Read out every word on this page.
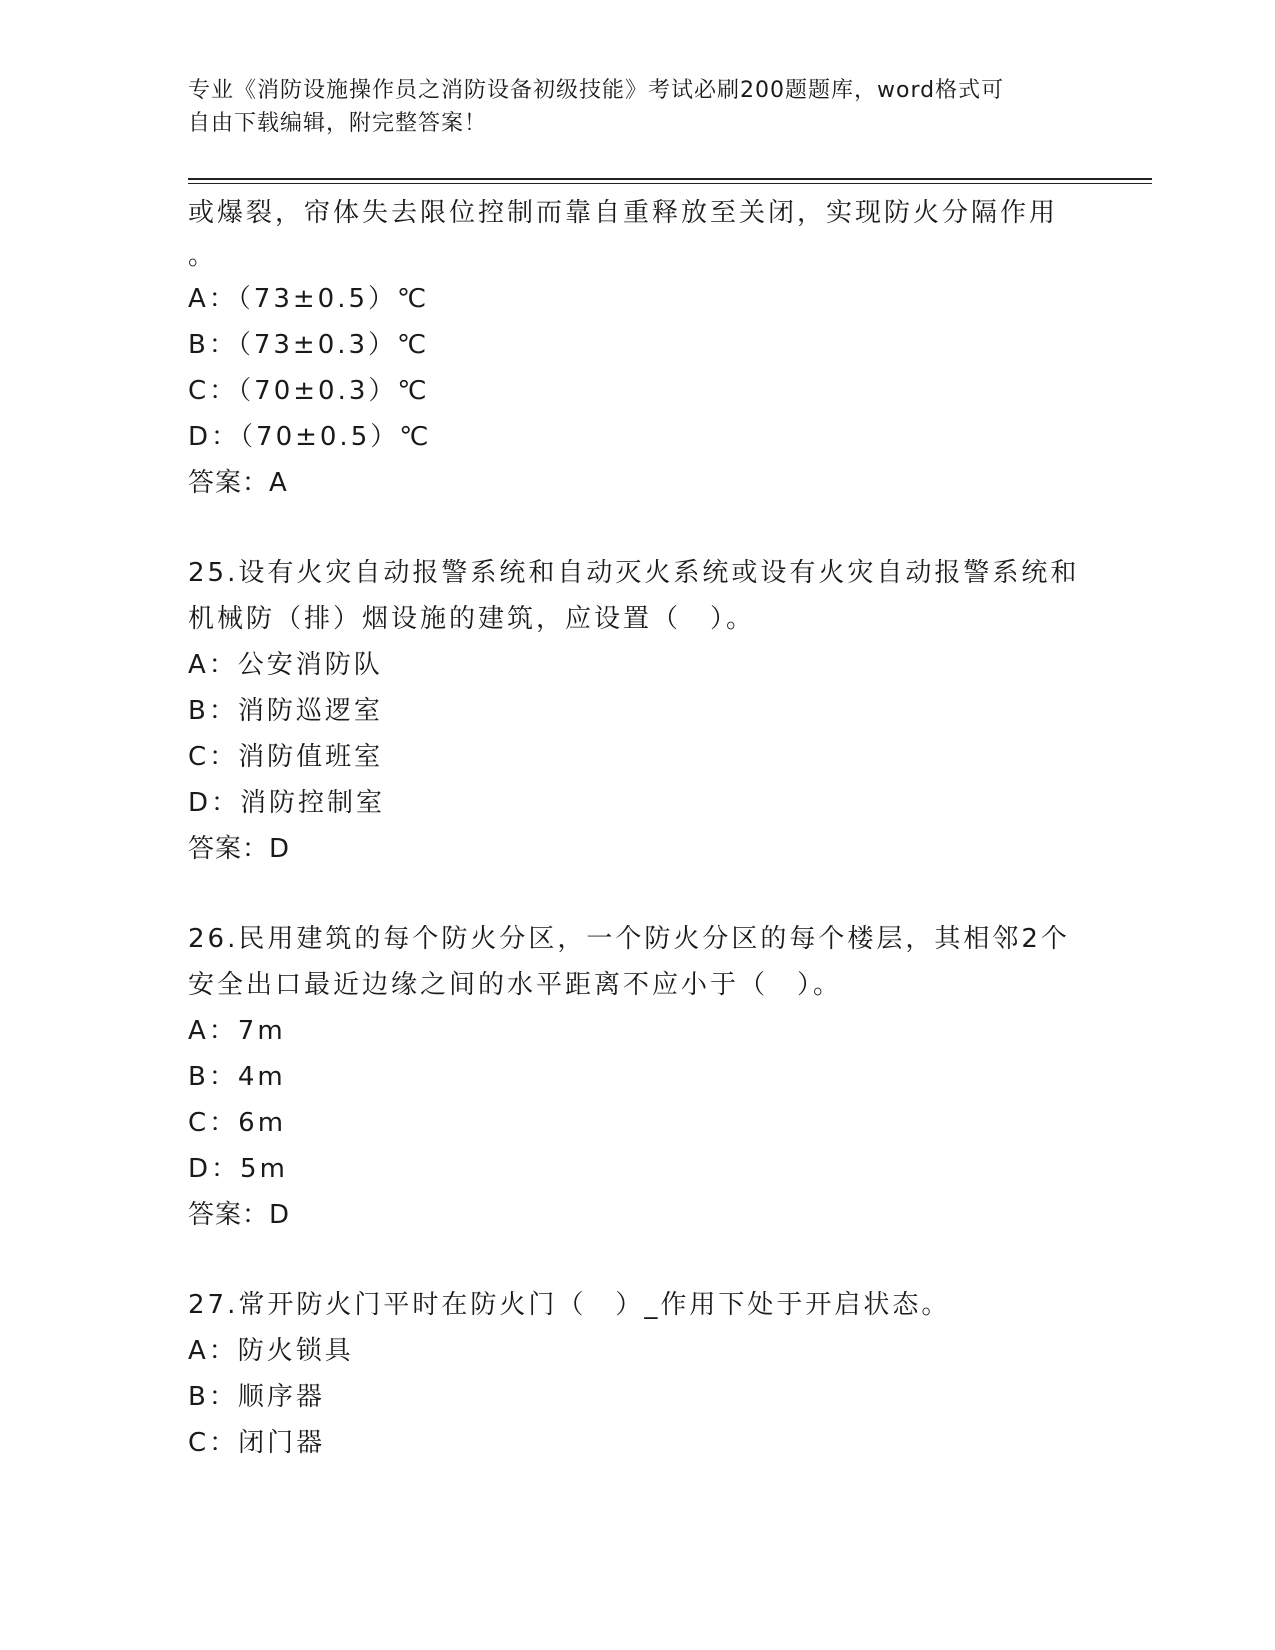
专业《消防设施操作员之消防设备初级技能》考试必刷200题题库，word格式可
自由下载编辑，附完整答案！
或爆裂，帘体失去限位控制而靠自重释放至关闭，实现防火分隔作用
。
A：（73±0.5）℃
B：（73±0.3）℃
C：（70±0.3）℃
D：（70±0.5）℃
答案：A
25.设有火灾自动报警系统和自动灭火系统或设有火灾自动报警系统和
机械防（排）烟设施的建筑，应设置（　）。
A：公安消防队
B：消防巡逻室
C：消防值班室
D：消防控制室
答案：D
26.民用建筑的每个防火分区，一个防火分区的每个楼层，其相邻2个
安全出口最近边缘之间的水平距离不应小于（　）。
A：7m
B：4m
C：6m
D：5m
答案：D
27.常开防火门平时在防火门（　）_作用下处于开启状态。
A：防火锁具
B：顺序器
C：闭门器
